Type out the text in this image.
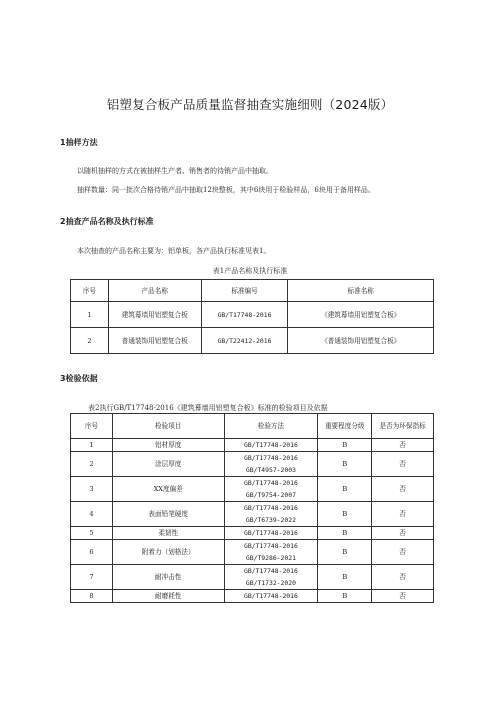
铝塑复合板产品质量监督抽查实施细则（2024版）
1抽样方法
以随机抽样的方式在被抽样生产者、销售者的待销产品中抽取。
抽样数量：同一批次合格待销产品中抽取12块整板，其中6块用于检验样品，6块用于备用样品。
2抽查产品名称及执行标准
本次抽查的产品名称主要为：铝单板，各产品执行标准见表1。
表1产品名称及执行标准
序号	产品名称	标准编号	标准名称
1	建筑幕墙用铝塑复合板	GB/T17748-2016	《建筑幕墙用铝塑复合板》
2	普通装饰用铝塑复合板	GB/T22412-2016	《普通装饰用铝塑复合板》
3检验依据
表2执行GB/T17748-2016《建筑幕墙用铝塑复合板》标准的检验项目及依据
序号	检验项目	检验方法	重要程度分级	是否为环保指标
1	铝材厚度	GB/T17748-2016	B	否
2	涂层厚度	GB/T17748-2016
GB/T4957-2003	B	否
3	XX度偏差	GB/T17748-2016
GB/T9754-2007	B	否
4	表面铅笔硬度	GB/T17748-2016
GB/T6739-2022	B	否
5	柔韧性	GB/T17748-2016	B	否
6	附着力（划格法）	GB/T17748-2016
GB/T9286-2021	B	否
7	耐冲击性	GB/T17748-2016
GB/T1732-2020	B	否
8	耐磨耗性	GB/T17748-2016	B	否
